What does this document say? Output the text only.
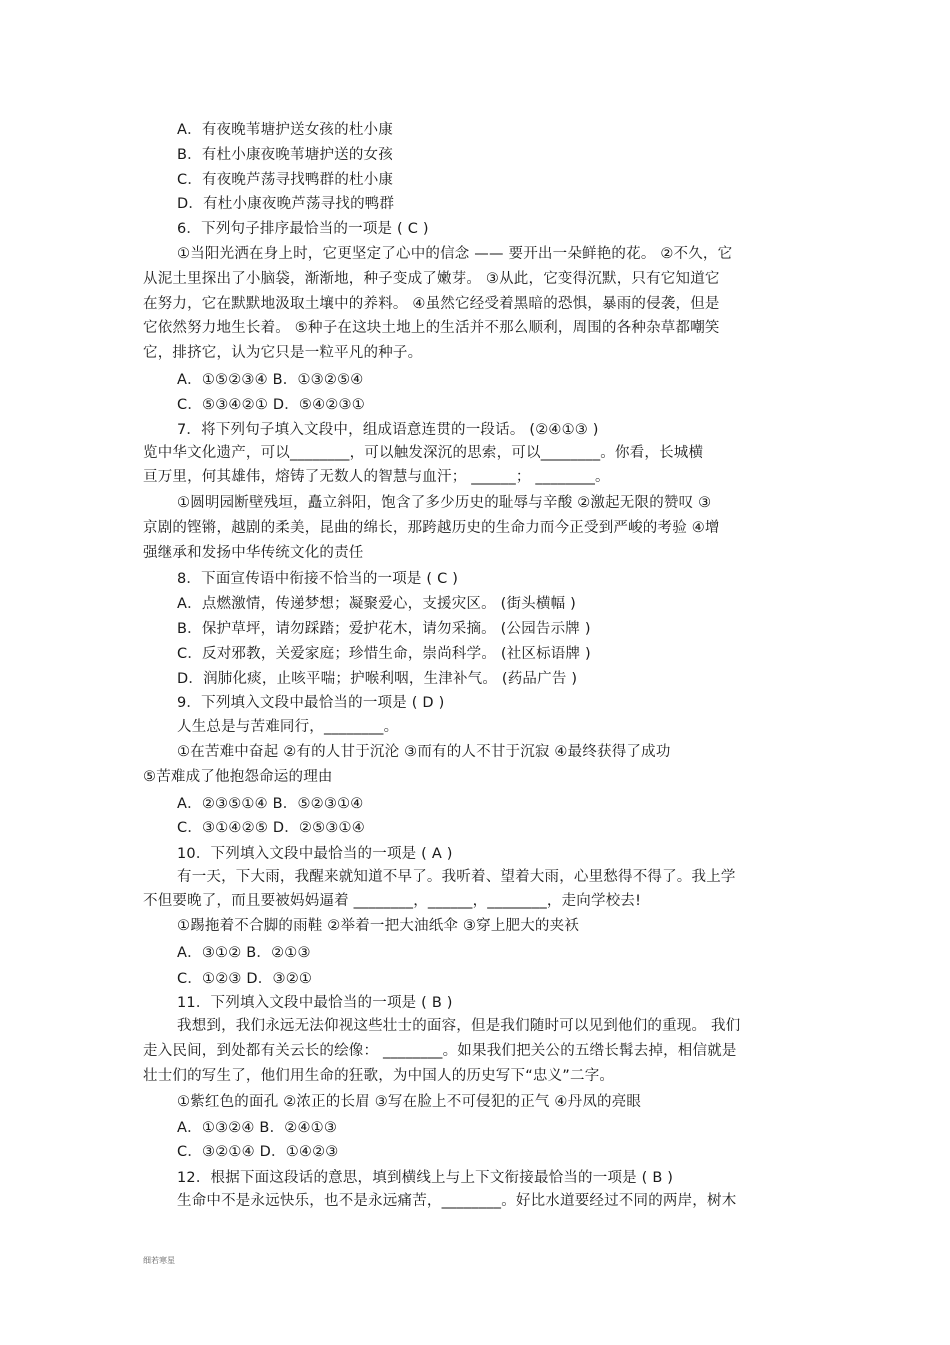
A．有夜晚苇塘护送女孩的杜小康
B．有杜小康夜晚苇塘护送的女孩
C．有夜晚芦荡寻找鸭群的杜小康
D．有杜小康夜晚芦荡寻找的鸭群
6．下列句子排序最恰当的一项是 ( C )
①当阳光洒在身上时，它更坚定了心中的信念 —— 要开出一朵鲜艳的花。 ②不久，它
从泥土里探出了小脑袋，渐渐地，种子变成了嫩芽。 ③从此，它变得沉默，只有它知道它
在努力，它在默默地汲取土壤中的养料。 ④虽然它经受着黑暗的恐惧，暴雨的侵袭，但是
它依然努力地生长着。 ⑤种子在这块土地上的生活并不那么顺利，周围的各种杂草都嘲笑
它，排挤它，认为它只是一粒平凡的种子。
A．①⑤②③④ B．①③②⑤④
C．⑤③④②① D．⑤④②③①
7．将下列句子填入文段中，组成语意连贯的一段话。 (②④①③ )
览中华文化遗产，可以________，可以触发深沉的思索，可以________。你看，长城横
亘万里，何其雄伟，熔铸了无数人的智慧与血汗； ______； ________。
①圆明园断壁残垣，矗立斜阳，饱含了多少历史的耻辱与辛酸 ②激起无限的赞叹 ③
京剧的铿锵，越剧的柔美，昆曲的绵长，那跨越历史的生命力而今正受到严峻的考验 ④增
强继承和发扬中华传统文化的责任
8．下面宣传语中衔接不恰当的一项是 ( C )
A．点燃激情，传递梦想；凝聚爱心，支援灾区。 (街头横幅 )
B．保护草坪，请勿踩踏；爱护花木，请勿采摘。 (公园告示牌 )
C．反对邪教，关爱家庭；珍惜生命，崇尚科学。 (社区标语牌 )
D．润肺化痰，止咳平喘；护喉利咽，生津补气。 (药品广告 )
9．下列填入文段中最恰当的一项是 ( D )
人生总是与苦难同行，________。
①在苦难中奋起 ②有的人甘于沉沦 ③而有的人不甘于沉寂 ④最终获得了成功
⑤苦难成了他抱怨命运的理由
A．②③⑤①④ B．⑤②③①④
C．③①④②⑤ D．②⑤③①④
10．下列填入文段中最恰当的一项是 ( A )
有一天，下大雨，我醒来就知道不早了。我听着、望着大雨，心里愁得不得了。我上学
不但要晚了，而且要被妈妈逼着 ________，______，________，走向学校去!
①踢拖着不合脚的雨鞋 ②举着一把大油纸伞 ③穿上肥大的夹袄
A．③①② B．②①③
C．①②③ D．③②①
11．下列填入文段中最恰当的一项是 ( B )
我想到，我们永远无法仰视这些壮士的面容，但是我们随时可以见到他们的重现。 我们
走入民间，到处都有关云长的绘像： ________。如果我们把关公的五绺长髯去掉，相信就是
壮士们的写生了，他们用生命的狂歌，为中国人的历史写下“忠义”二字。
①紫红色的面孔 ②浓正的长眉 ③写在脸上不可侵犯的正气 ④丹凤的亮眼
A．①③②④ B．②④①③
C．③②①④ D．①④②③
12．根据下面这段话的意思，填到横线上与上下文衔接最恰当的一项是 ( B )
生命中不是永远快乐，也不是永远痛苦，________。好比水道要经过不同的两岸，树木
细若寒星
